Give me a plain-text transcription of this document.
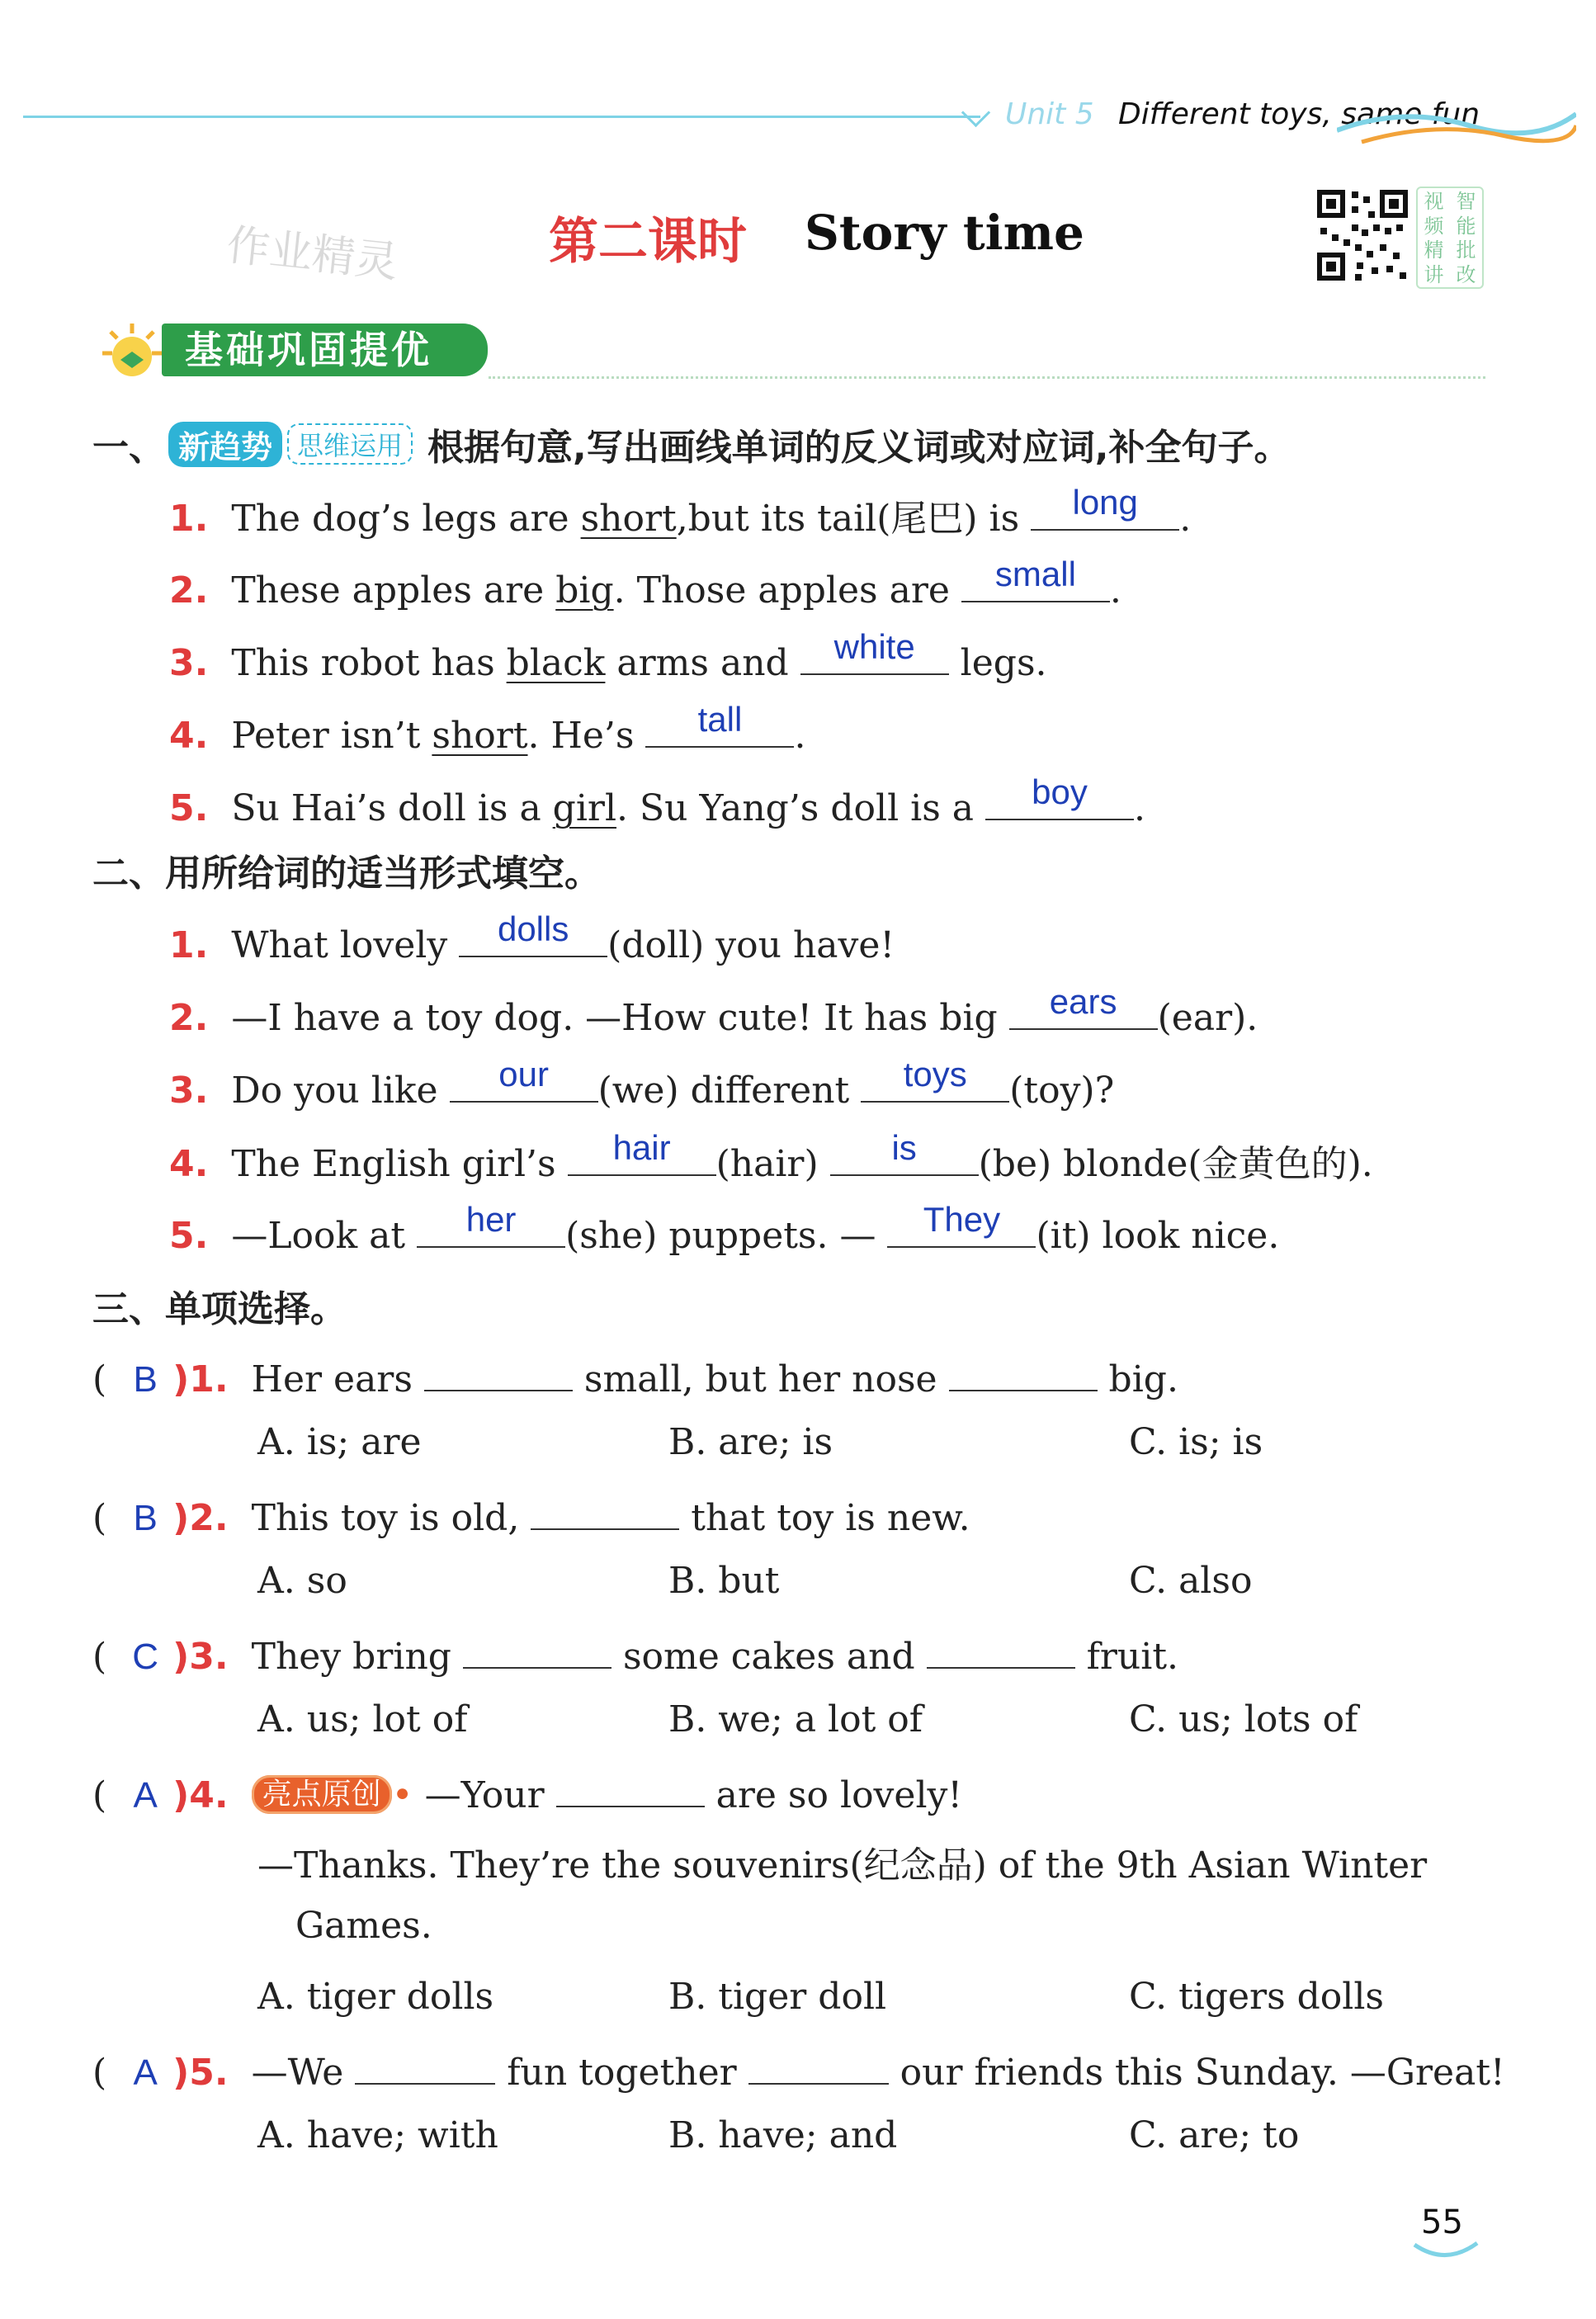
Unit 5 Different toys, same fun
作业精灵	第二课时 Story time
视 智
频 能
精 批
讲 改
基础巩固提优
一、 新趋势 思维运用 根据句意,写出画线单词的反义词或对应词,补全句子。
1. The dog’s legs are short,but its tail(尾巴) is	long	.
2. These apples are big. Those apples are small .
3. This robot has black arms and white legs.
4. Peter isn’t short. He’s	tall	.
5. Su Hai’s doll is a girl. Su Yang’s doll is a	boy	.
二、用所给词的适当形式填空。
1. What lovely	dolls	(doll) you have!
2. —I have a toy dog. —How cute! It has big	ears	(ear).
3. Do you like	our	(we) different	toys	(toy)?
4. The English girl’s	hair	(hair)	is	(be) blonde(金黄色的).
5. —Look at	her	(she) puppets. —	They (it) look nice.
三、单项选择。
( B )1. Her ears	small, but her nose	big.
A. is; are	B. are; is	C. is; is
( B )2. This toy is old,	that toy is new.
A. so	B. but	C. also
( C )3. They bring	some cakes and	fruit.
A. us; lot of	B. we; a lot of	C. us; lots of
( A )4. 亮点原创 • —Your	are so lovely!
—Thanks. They’re the souvenirs(纪念品) of the 9th Asian Winter
Games.
A. tiger dolls	B. tiger doll	C. tigers dolls
( A )5. —We	fun together	our friends this Sunday. —Great!
A. have; with	B. have; and	C. are; to
55
